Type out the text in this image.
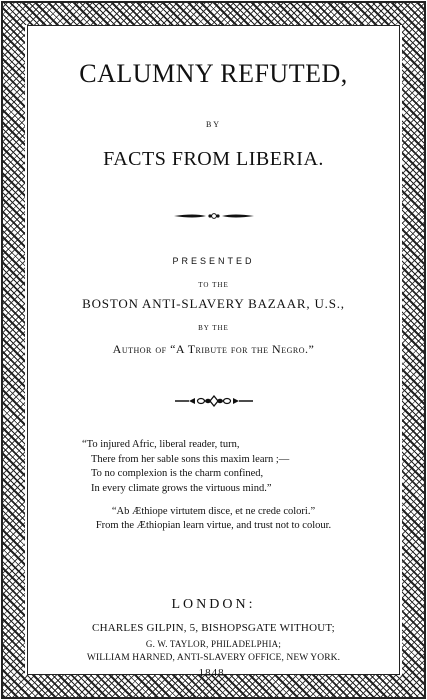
CALUMNY REFUTED,
BY
FACTS FROM LIBERIA.
PRESENTED
TO THE
BOSTON ANTI-SLAVERY BAZAAR, U.S.,
BY THE
Author of “A Tribute for the Negro.”
“To injured Afric, liberal reader, turn,
There from her sable sons this maxim learn ;—
To no complexion is the charm confined,
In every climate grows the virtuous mind.”
“Ab Æthiope virtutem disce, et ne crede colori.”
From the Æthiopian learn virtue, and trust not to colour.
LONDON:
CHARLES GILPIN, 5, BISHOPSGATE WITHOUT;
G. W. TAYLOR, PHILADELPHIA;
WILLIAM HARNED, ANTI-SLAVERY OFFICE, NEW YORK.
1848.
